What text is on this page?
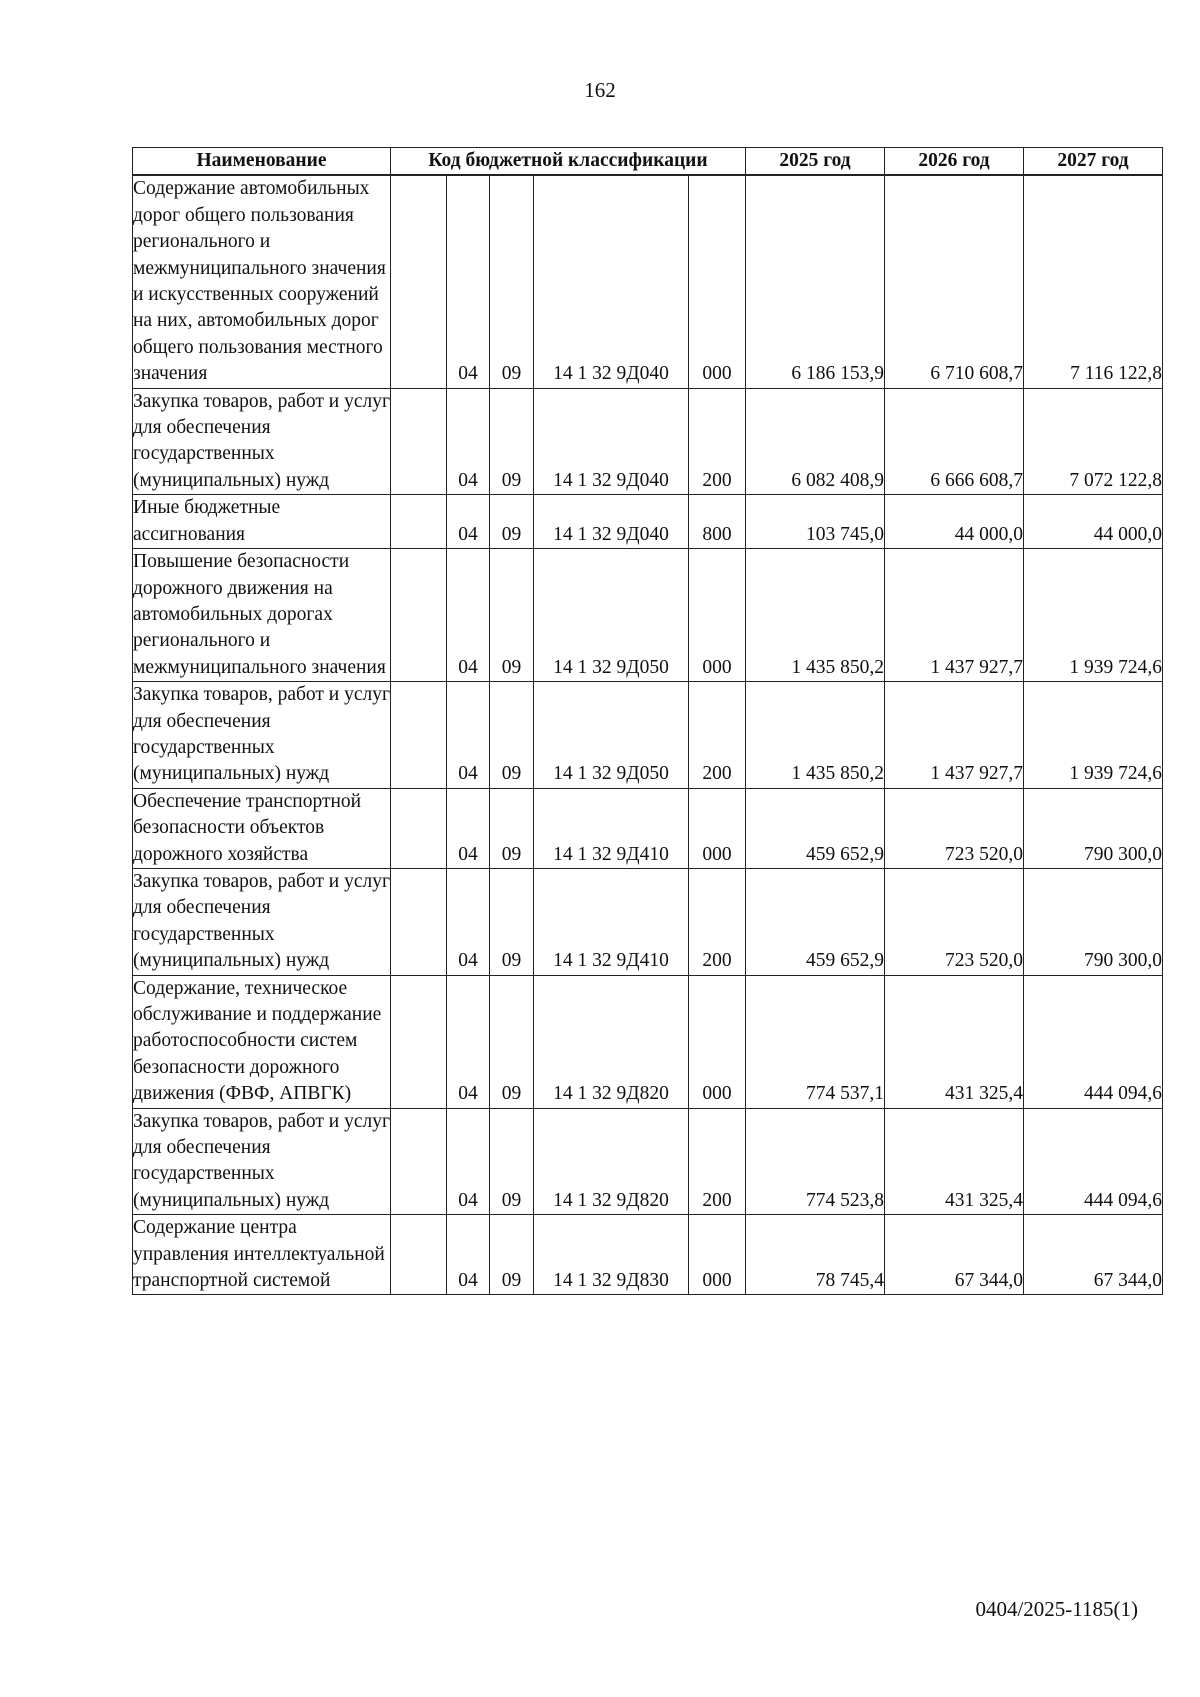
162
Наименование	Код бюджетной классификации					2025 год	2026 год	2027 год
Содержание автомобильных дорог общего пользования регионального и межмуниципального значения и искусственных сооружений на них, автомобильных дорог общего пользования местного значения		04	09	14 1 32 9Д040	000	6 186 153,9	6 710 608,7	7 116 122,8
Закупка товаров, работ и услуг для обеспечения государственных (муниципальных) нужд		04	09	14 1 32 9Д040	200	6 082 408,9	6 666 608,7	7 072 122,8
Иные бюджетные ассигнования		04	09	14 1 32 9Д040	800	103 745,0	44 000,0	44 000,0
Повышение безопасности дорожного движения на автомобильных дорогах регионального и межмуниципального значения		04	09	14 1 32 9Д050	000	1 435 850,2	1 437 927,7	1 939 724,6
Закупка товаров, работ и услуг для обеспечения государственных (муниципальных) нужд		04	09	14 1 32 9Д050	200	1 435 850,2	1 437 927,7	1 939 724,6
Обеспечение транспортной безопасности объектов дорожного хозяйства		04	09	14 1 32 9Д410	000	459 652,9	723 520,0	790 300,0
Закупка товаров, работ и услуг для обеспечения государственных (муниципальных) нужд		04	09	14 1 32 9Д410	200	459 652,9	723 520,0	790 300,0
Содержание, техническое обслуживание и поддержание работоспособности систем безопасности дорожного движения (ФВФ, АПВГК)		04	09	14 1 32 9Д820	000	774 537,1	431 325,4	444 094,6
Закупка товаров, работ и услуг для обеспечения государственных (муниципальных) нужд		04	09	14 1 32 9Д820	200	774 523,8	431 325,4	444 094,6
Содержание центра управления интеллектуальной транспортной системой		04	09	14 1 32 9Д830	000	78 745,4	67 344,0	67 344,0
0404/2025-1185(1)
